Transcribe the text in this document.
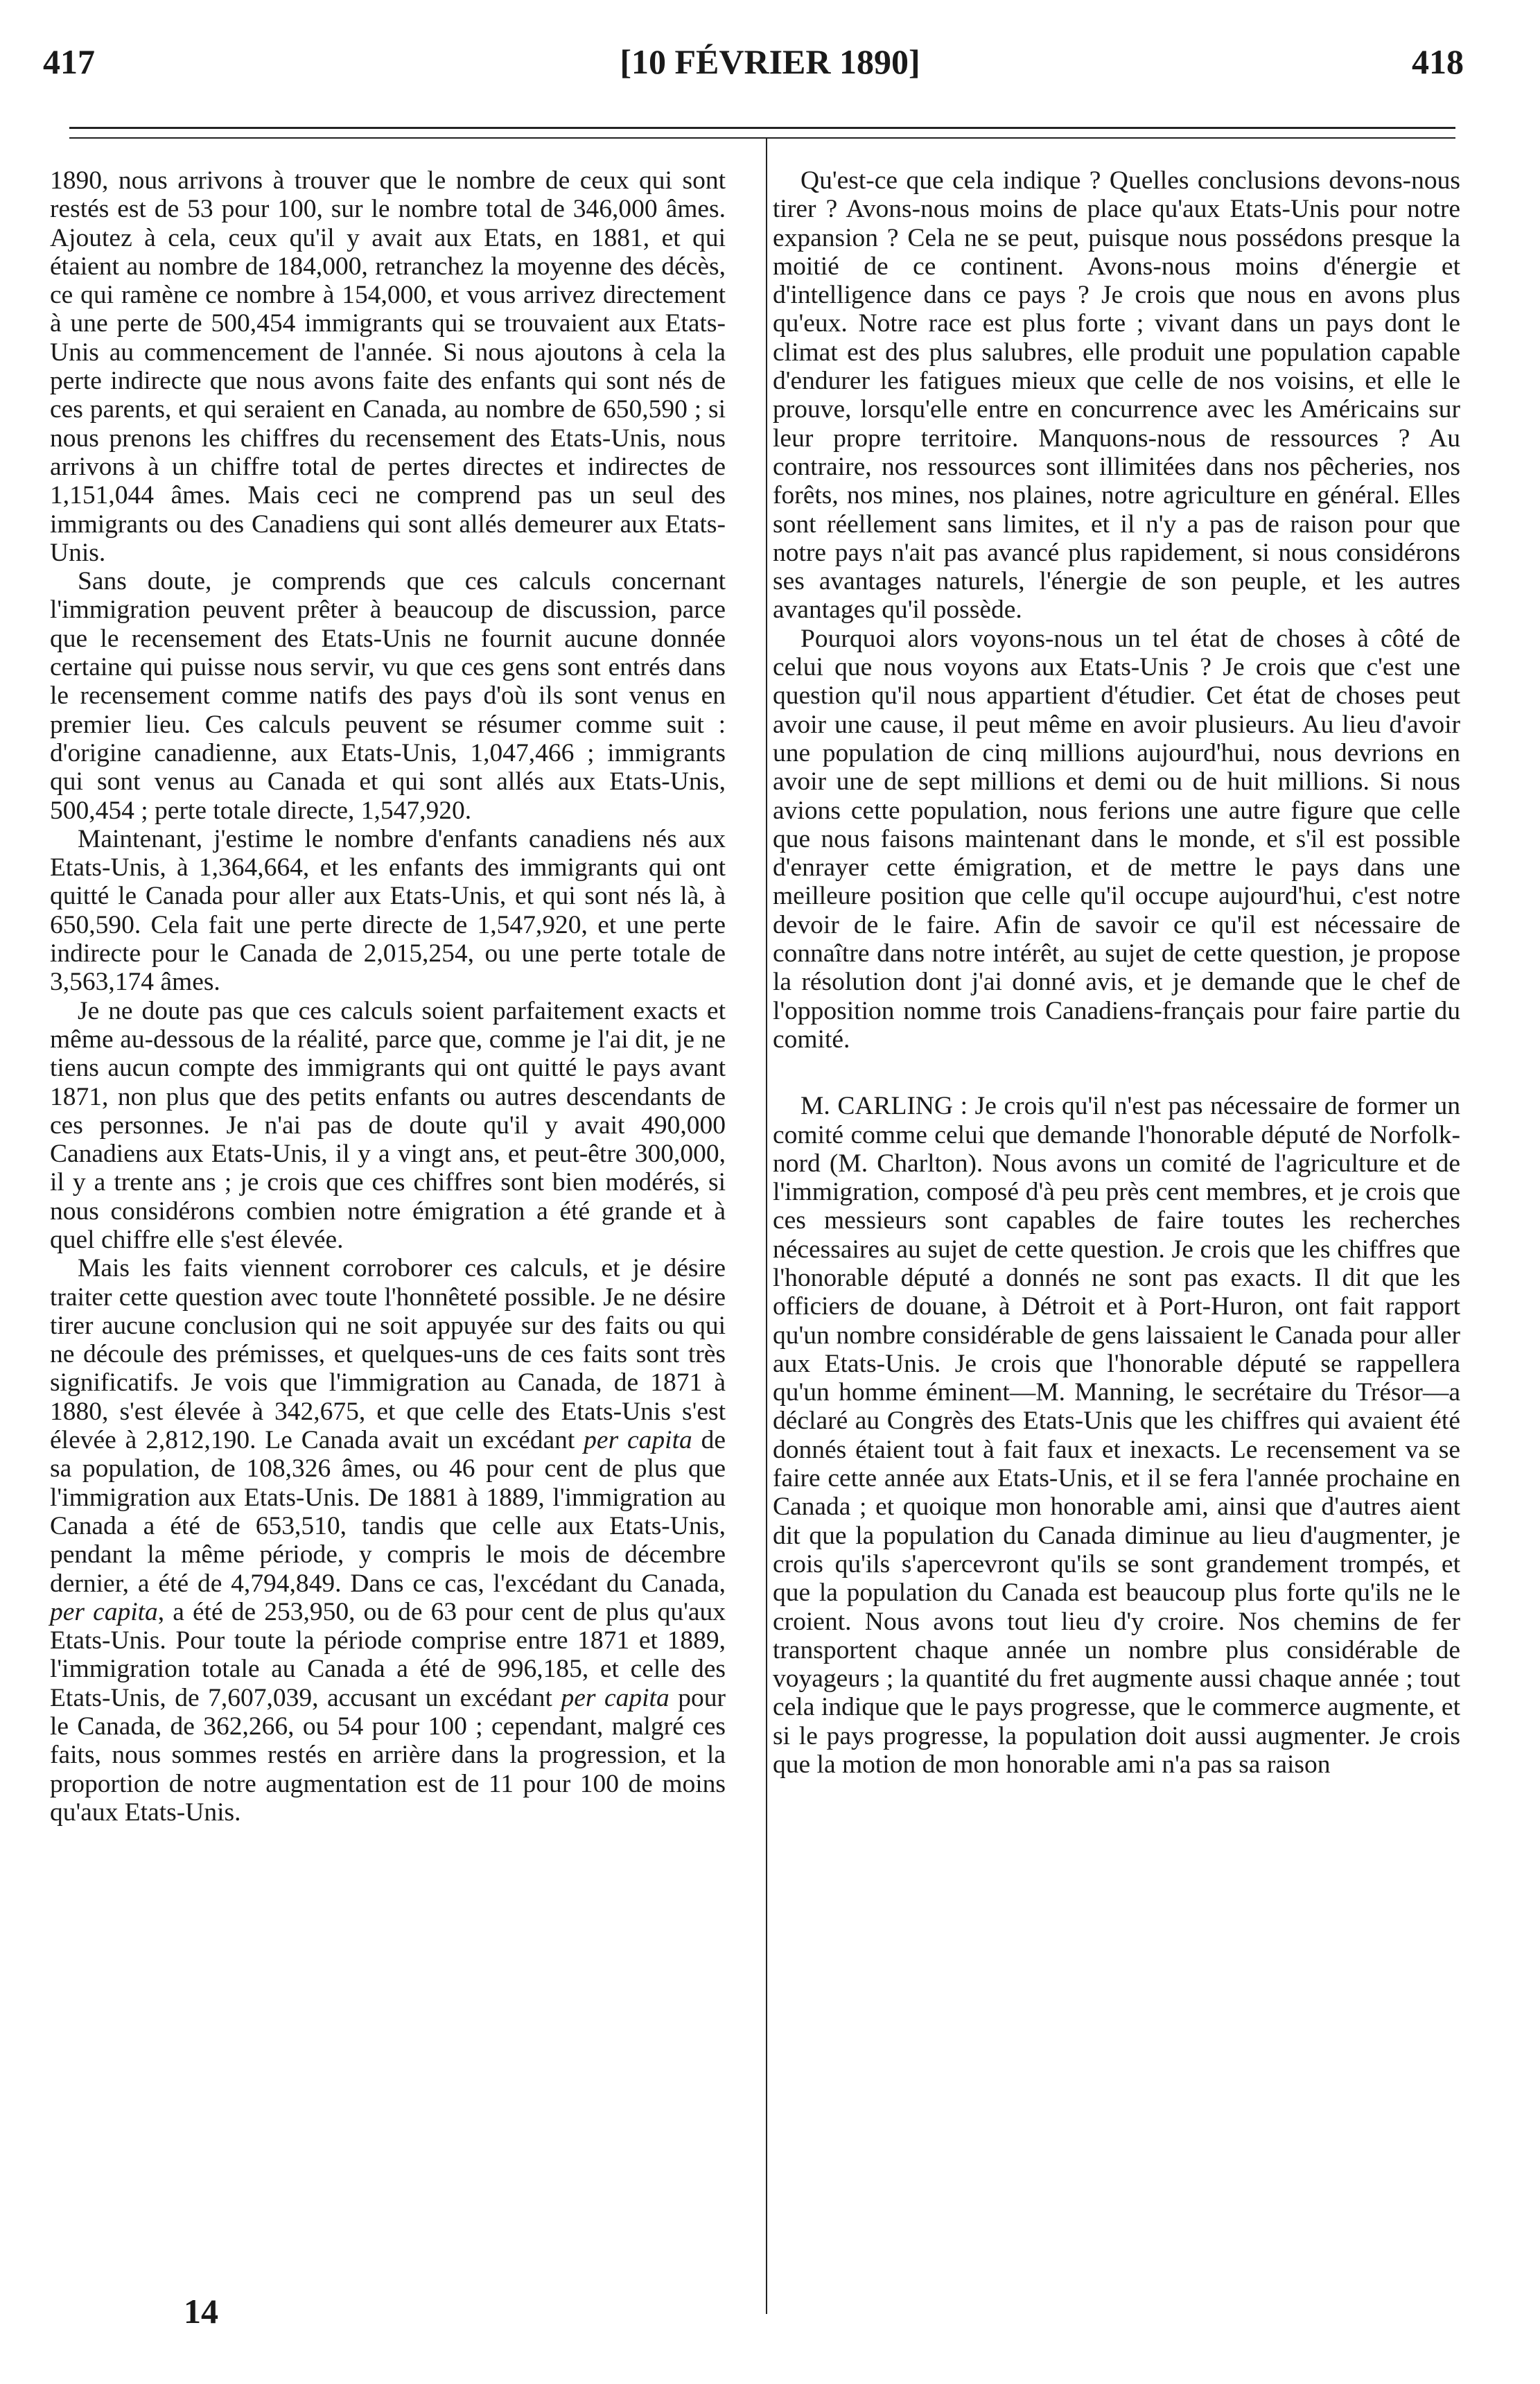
417	[10 FÉVRIER 1890]	418

1890, nous arrivons à trouver que le nombre de ceux qui sont restés est de 53 pour 100, sur le nombre total de 346,000 âmes. Ajoutez à cela, ceux qu'il y avait aux Etats, en 1881, et qui étaient au nombre de 184,000, retranchez la moyenne des décès, ce qui ramène ce nombre à 154,000, et vous arrivez directement à une perte de 500,454 immigrants qui se trouvaient aux Etats-Unis au commencement de l'année. Si nous ajoutons à cela la perte indirecte que nous avons faite des enfants qui sont nés de ces parents, et qui seraient en Canada, au nombre de 650,590 ; si nous prenons les chiffres du recensement des Etats-Unis, nous arrivons à un chiffre total de pertes directes et indirectes de 1,151,044 âmes. Mais ceci ne comprend pas un seul des immigrants ou des Canadiens qui sont allés demeurer aux Etats-Unis.

Sans doute, je comprends que ces calculs concernant l'immigration peuvent prêter à beaucoup de discussion, parce que le recensement des Etats-Unis ne fournit aucune donnée certaine qui puisse nous servir, vu que ces gens sont entrés dans le recensement comme natifs des pays d'où ils sont venus en premier lieu. Ces calculs peuvent se résumer comme suit : d'origine canadienne, aux Etats-Unis, 1,047,466 ; immigrants qui sont venus au Canada et qui sont allés aux Etats-Unis, 500,454 ; perte totale directe, 1,547,920.

Maintenant, j'estime le nombre d'enfants canadiens nés aux Etats-Unis, à 1,364,664, et les enfants des immigrants qui ont quitté le Canada pour aller aux Etats-Unis, et qui sont nés là, à 650,590. Cela fait une perte directe de 1,547,920, et une perte indirecte pour le Canada de 2,015,254, ou une perte totale de 3,563,174 âmes.

Je ne doute pas que ces calculs soient parfaitement exacts et même au-dessous de la réalité, parce que, comme je l'ai dit, je ne tiens aucun compte des immigrants qui ont quitté le pays avant 1871, non plus que des petits enfants ou autres descendants de ces personnes. Je n'ai pas de doute qu'il y avait 490,000 Canadiens aux Etats-Unis, il y a vingt ans, et peut-être 300,000, il y a trente ans ; je crois que ces chiffres sont bien modérés, si nous considérons combien notre émigration a été grande et à quel chiffre elle s'est élevée.

Mais les faits viennent corroborer ces calculs, et je désire traiter cette question avec toute l'honnêteté possible. Je ne désire tirer aucune conclusion qui ne soit appuyée sur des faits ou qui ne découle des prémisses, et quelques-uns de ces faits sont très significatifs. Je vois que l'immigration au Canada, de 1871 à 1880, s'est élevée à 342,675, et que celle des Etats-Unis s'est élevée à 2,812,190. Le Canada avait un excédant per capita de sa population, de 108,326 âmes, ou 46 pour cent de plus que l'immigration aux Etats-Unis. De 1881 à 1889, l'immigration au Canada a été de 653,510, tandis que celle aux Etats-Unis, pendant la même période, y compris le mois de décembre dernier, a été de 4,794,849. Dans ce cas, l'excédant du Canada, per capita, a été de 253,950, ou de 63 pour cent de plus qu'aux Etats-Unis. Pour toute la période comprise entre 1871 et 1889, l'immigration totale au Canada a été de 996,185, et celle des Etats-Unis, de 7,607,039, accusant un excédant per capita pour le Canada, de 362,266, ou 54 pour 100 ; cependant, malgré ces faits, nous sommes restés en arrière dans la progression, et la proportion de notre augmentation est de 11 pour 100 de moins qu'aux Etats-Unis.

14

Qu'est-ce que cela indique ? Quelles conclusions devons-nous tirer ? Avons-nous moins de place qu'aux Etats-Unis pour notre expansion ? Cela ne se peut, puisque nous possédons presque la moitié de ce continent. Avons-nous moins d'énergie et d'intelligence dans ce pays ? Je crois que nous en avons plus qu'eux. Notre race est plus forte ; vivant dans un pays dont le climat est des plus salubres, elle produit une population capable d'endurer les fatigues mieux que celle de nos voisins, et elle le prouve, lorsqu'elle entre en concurrence avec les Américains sur leur propre territoire. Manquons-nous de ressources ? Au contraire, nos ressources sont illimitées dans nos pêcheries, nos forêts, nos mines, nos plaines, notre agriculture en général. Elles sont réellement sans limites, et il n'y a pas de raison pour que notre pays n'ait pas avancé plus rapidement, si nous considérons ses avantages naturels, l'énergie de son peuple, et les autres avantages qu'il possède.

Pourquoi alors voyons-nous un tel état de choses à côté de celui que nous voyons aux Etats-Unis ? Je crois que c'est une question qu'il nous appartient d'étudier. Cet état de choses peut avoir une cause, il peut même en avoir plusieurs. Au lieu d'avoir une population de cinq millions aujourd'hui, nous devrions en avoir une de sept millions et demi ou de huit millions. Si nous avions cette population, nous ferions une autre figure que celle que nous faisons maintenant dans le monde, et s'il est possible d'enrayer cette émigration, et de mettre le pays dans une meilleure position que celle qu'il occupe aujourd'hui, c'est notre devoir de le faire. Afin de savoir ce qu'il est nécessaire de connaître dans notre intérêt, au sujet de cette question, je propose la résolution dont j'ai donné avis, et je demande que le chef de l'opposition nomme trois Canadiens-français pour faire partie du comité.

M. CARLING : Je crois qu'il n'est pas nécessaire de former un comité comme celui que demande l'honorable député de Norfolk-nord (M. Charlton). Nous avons un comité de l'agriculture et de l'immigration, composé d'à peu près cent membres, et je crois que ces messieurs sont capables de faire toutes les recherches nécessaires au sujet de cette question. Je crois que les chiffres que l'honorable député a donnés ne sont pas exacts. Il dit que les officiers de douane, à Détroit et à Port-Huron, ont fait rapport qu'un nombre considérable de gens laissaient le Canada pour aller aux Etats-Unis. Je crois que l'honorable député se rappellera qu'un homme éminent—M. Manning, le secrétaire du Trésor—a déclaré au Congrès des Etats-Unis que les chiffres qui avaient été donnés étaient tout à fait faux et inexacts. Le recensement va se faire cette année aux Etats-Unis, et il se fera l'année prochaine en Canada ; et quoique mon honorable ami, ainsi que d'autres aient dit que la population du Canada diminue au lieu d'augmenter, je crois qu'ils s'apercevront qu'ils se sont grandement trompés, et que la population du Canada est beaucoup plus forte qu'ils ne le croient. Nous avons tout lieu d'y croire. Nos chemins de fer transportent chaque année un nombre plus considérable de voyageurs ; la quantité du fret augmente aussi chaque année ; tout cela indique que le pays progresse, que le commerce augmente, et si le pays progresse, la population doit aussi augmenter. Je crois que la motion de mon honorable ami n'a pas sa raison
